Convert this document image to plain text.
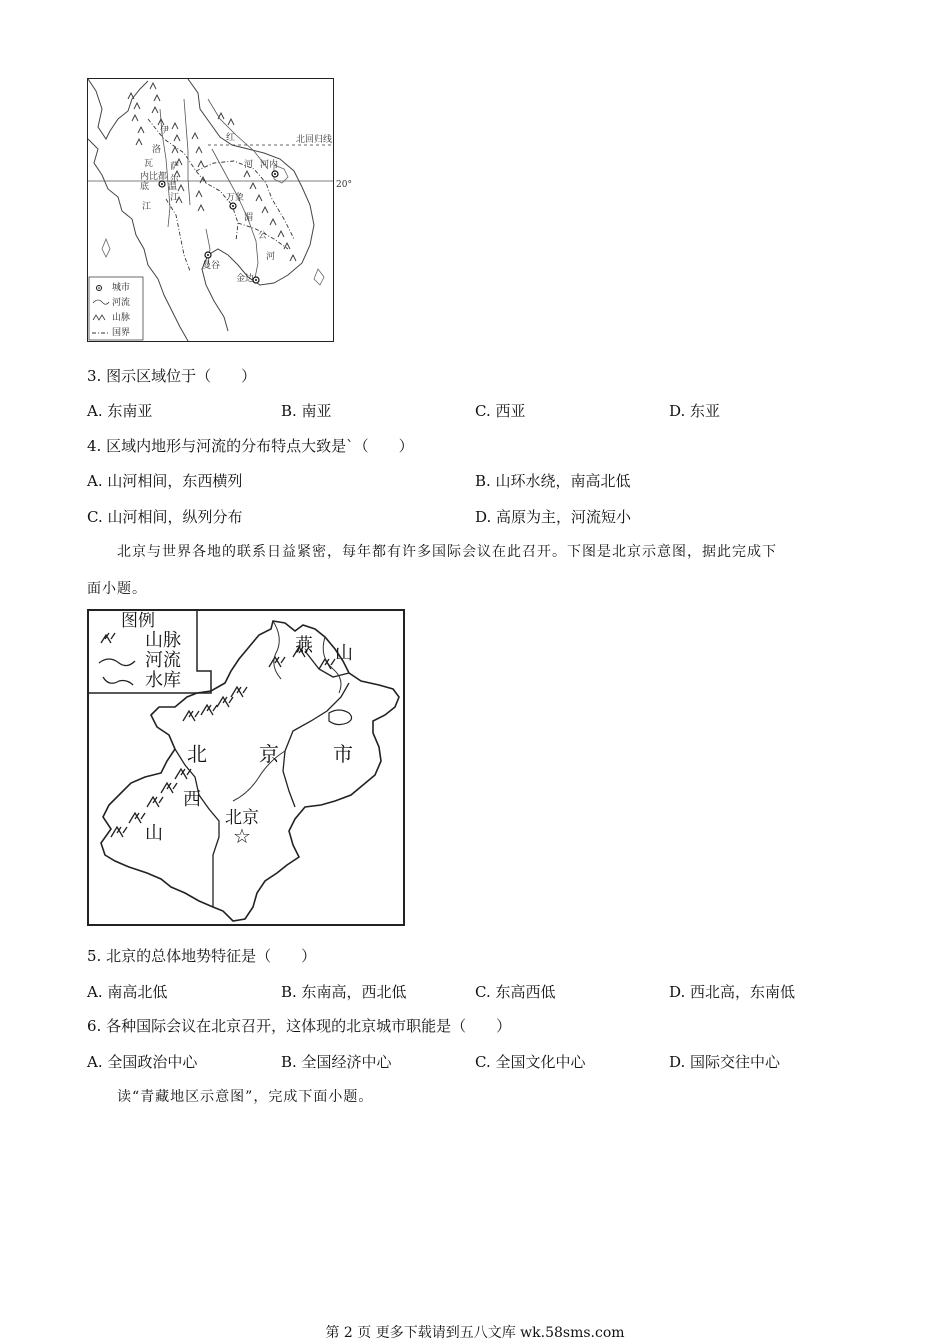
北回归线
20°
红
河 河内
伊
洛
瓦
底
江
内比都
萨
尔
温
江	万象
湄
公
河
曼谷
金边
城市
河流
山脉
国界
3. 图示区域位于（　　）
A. 东南亚	B. 南亚	C. 西亚	D. 东亚
4. 区域内地形与河流的分布特点大致是`（　　）
A. 山河相间，东西横列	B. 山环水绕，南高北低
C. 山河相间，纵列分布	D. 高原为主，河流短小
北京与世界各地的联系日益紧密，每年都有许多国际会议在此召开。下图是北京示意图，据此完成下
面小题。
图例
山脉
河流
水库
燕 山
北	京	市
西
山
北京
☆
5. 北京的总体地势特征是（　　）
A. 南高北低	B. 东南高，西北低	C. 东高西低	D. 西北高，东南低
6. 各种国际会议在北京召开，这体现的北京城市职能是（　　）
A. 全国政治中心	B. 全国经济中心	C. 全国文化中心	D. 国际交往中心
读“青藏地区示意图”，完成下面小题。
第 2 页 更多下载请到五八文库 wk.58sms.com
